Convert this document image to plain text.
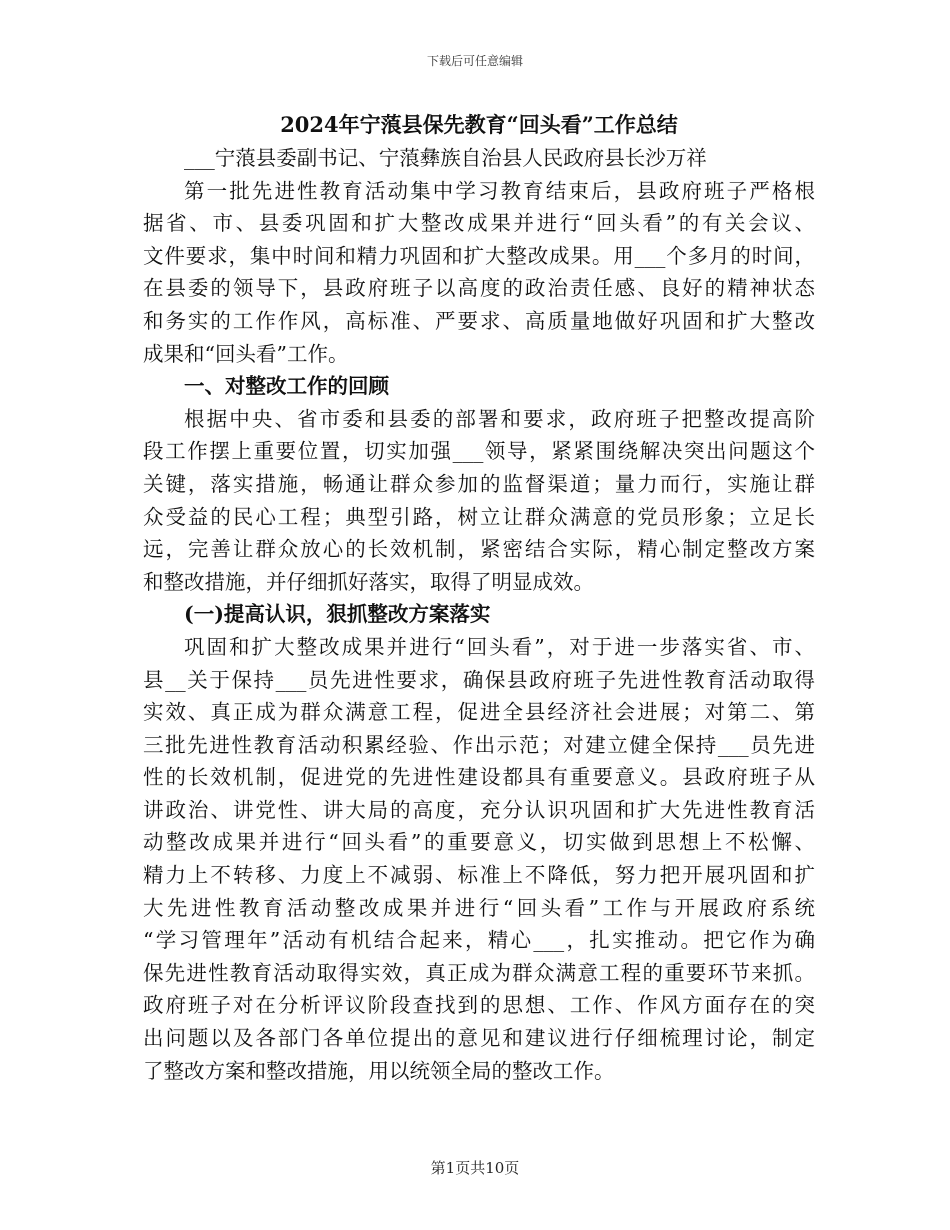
下载后可任意编辑
2024年宁蒗县保先教育“回头看”工作总结
___宁蒗县委副书记、宁蒗彝族自治县人民政府县长沙万祥
第一批先进性教育活动集中学习教育结束后，县政府班子严格根
据省、市、县委巩固和扩大整改成果并进行“回头看”的有关会议、
文件要求，集中时间和精力巩固和扩大整改成果。用___个多月的时间，
在县委的领导下，县政府班子以高度的政治责任感、良好的精神状态
和务实的工作作风，高标准、严要求、高质量地做好巩固和扩大整改
成果和“回头看”工作。
一、对整改工作的回顾
根据中央、省市委和县委的部署和要求，政府班子把整改提高阶
段工作摆上重要位置，切实加强___领导，紧紧围绕解决突出问题这个
关键，落实措施，畅通让群众参加的监督渠道；量力而行，实施让群
众受益的民心工程；典型引路，树立让群众满意的党员形象；立足长
远，完善让群众放心的长效机制，紧密结合实际，精心制定整改方案
和整改措施，并仔细抓好落实，取得了明显成效。
(一)提高认识，狠抓整改方案落实
巩固和扩大整改成果并进行“回头看”，对于进一步落实省、市、
县__关于保持___员先进性要求，确保县政府班子先进性教育活动取得
实效、真正成为群众满意工程，促进全县经济社会进展；对第二、第
三批先进性教育活动积累经验、作出示范；对建立健全保持___员先进
性的长效机制，促进党的先进性建设都具有重要意义。县政府班子从
讲政治、讲党性、讲大局的高度，充分认识巩固和扩大先进性教育活
动整改成果并进行“回头看”的重要意义，切实做到思想上不松懈、
精力上不转移、力度上不减弱、标准上不降低，努力把开展巩固和扩
大先进性教育活动整改成果并进行“回头看”工作与开展政府系统
“学习管理年”活动有机结合起来，精心___，扎实推动。把它作为确
保先进性教育活动取得实效，真正成为群众满意工程的重要环节来抓。
政府班子对在分析评议阶段查找到的思想、工作、作风方面存在的突
出问题以及各部门各单位提出的意见和建议进行仔细梳理讨论，制定
了整改方案和整改措施，用以统领全局的整改工作。
第1页共10页
